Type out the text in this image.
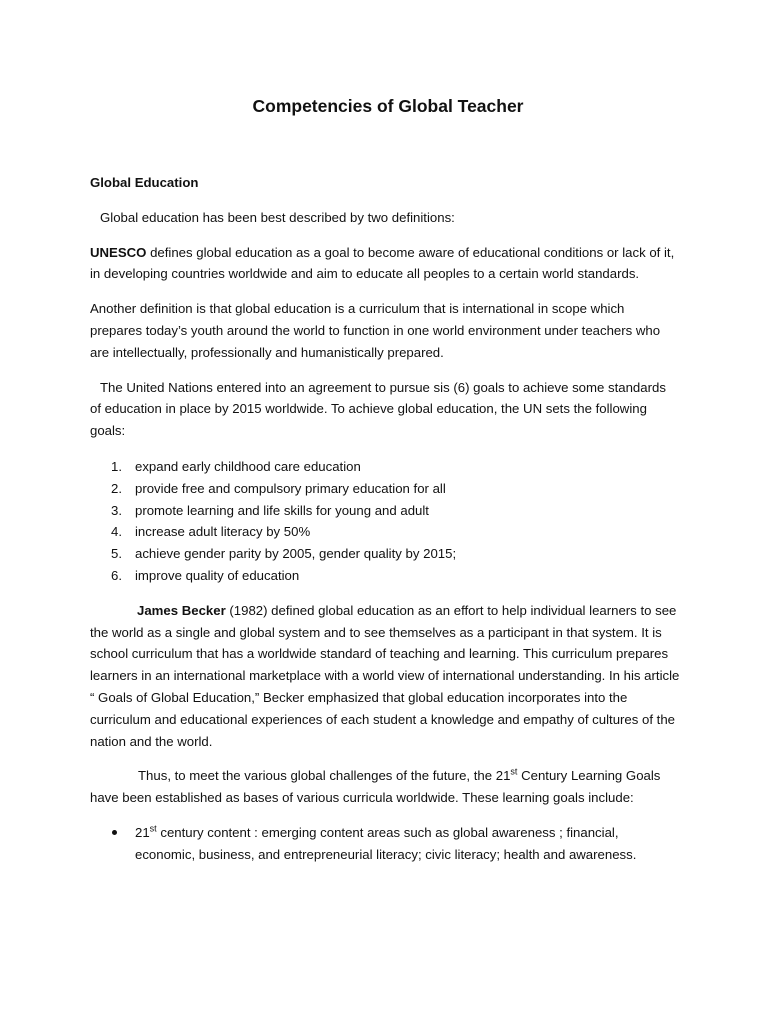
Competencies of Global Teacher

Global Education

Global education has been best described by two definitions:

UNESCO defines global education as a goal to become aware of educational conditions or lack of it, in developing countries worldwide and aim to educate all peoples to a certain world standards.

Another definition is that global education is a curriculum that is international in scope which prepares today’s youth around the world to function in one world environment under teachers who are intellectually, professionally and humanistically prepared.

The United Nations entered into an agreement to pursue sis (6) goals to achieve some standards of education in place by 2015 worldwide. To achieve global education, the UN sets the following goals:

1. expand early childhood care education
2. provide free and compulsory primary education for all
3. promote learning and life skills for young and adult
4. increase adult literacy by 50%
5. achieve gender parity by 2005, gender quality by 2015;
6. improve quality of education

James Becker (1982) defined global education as an effort to help individual learners to see the world as a single and global system and to see themselves as a participant in that system. It is school curriculum that has a worldwide standard of teaching and learning. This curriculum prepares learners in an international marketplace with a world view of international understanding. In his article “ Goals of Global Education,” Becker emphasized that global education incorporates into the curriculum and educational experiences of each student a knowledge and empathy of cultures of the nation and the world.

Thus, to meet the various global challenges of the future, the 21st Century Learning Goals have been established as bases of various curricula worldwide. These learning goals include:

21st century content : emerging content areas such as global awareness ; financial, economic, business, and entrepreneurial literacy; civic literacy; health and awareness.
